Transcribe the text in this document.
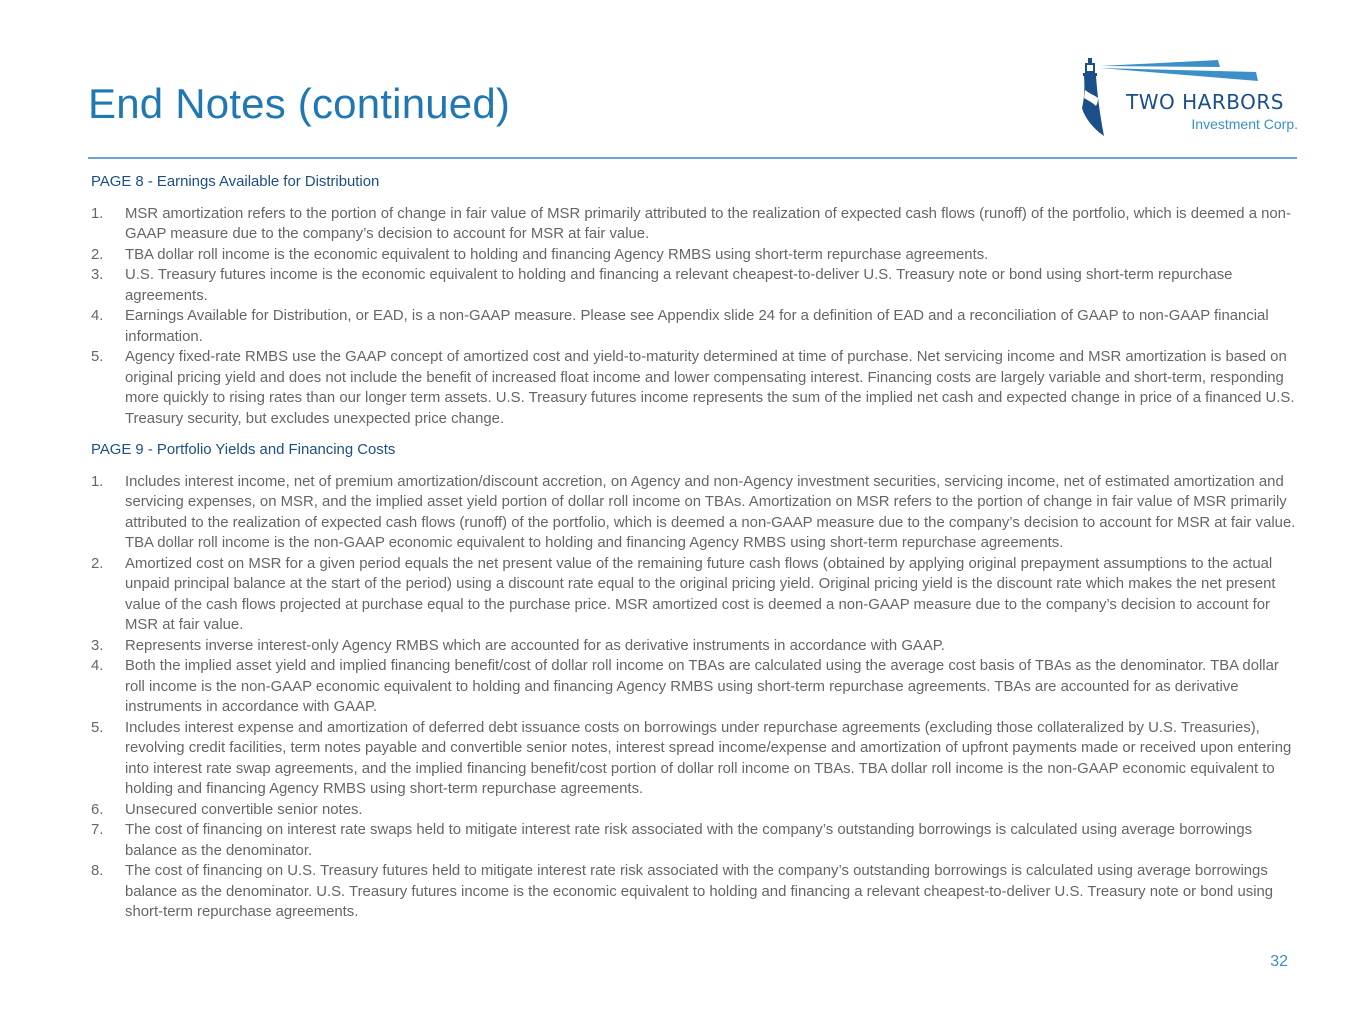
End Notes (continued)	TWO HARBORS
Investment Corp.
PAGE 8 - Earnings Available for Distribution
1. MSR amortization refers to the portion of change in fair value of MSR primarily attributed to the realization of expected cash flows (runoff) of the portfolio, which is deemed a non-GAAP measure due to the company’s decision to account for MSR at fair value.
2. TBA dollar roll income is the economic equivalent to holding and financing Agency RMBS using short-term repurchase agreements.
3. U.S. Treasury futures income is the economic equivalent to holding and financing a relevant cheapest-to-deliver U.S. Treasury note or bond using short-term repurchase agreements.
4. Earnings Available for Distribution, or EAD, is a non-GAAP measure. Please see Appendix slide 24 for a definition of EAD and a reconciliation of GAAP to non-GAAP financial information.
5. Agency fixed-rate RMBS use the GAAP concept of amortized cost and yield-to-maturity determined at time of purchase. Net servicing income and MSR amortization is based on original pricing yield and does not include the benefit of increased float income and lower compensating interest. Financing costs are largely variable and short-term, responding more quickly to rising rates than our longer term assets. U.S. Treasury futures income represents the sum of the implied net cash and expected change in price of a financed U.S. Treasury security, but excludes unexpected price change.
PAGE 9 - Portfolio Yields and Financing Costs
1. Includes interest income, net of premium amortization/discount accretion, on Agency and non-Agency investment securities, servicing income, net of estimated amortization and servicing expenses, on MSR, and the implied asset yield portion of dollar roll income on TBAs. Amortization on MSR refers to the portion of change in fair value of MSR primarily attributed to the realization of expected cash flows (runoff) of the portfolio, which is deemed a non-GAAP measure due to the company’s decision to account for MSR at fair value. TBA dollar roll income is the non-GAAP economic equivalent to holding and financing Agency RMBS using short-term repurchase agreements.
2. Amortized cost on MSR for a given period equals the net present value of the remaining future cash flows (obtained by applying original prepayment assumptions to the actual unpaid principal balance at the start of the period) using a discount rate equal to the original pricing yield. Original pricing yield is the discount rate which makes the net present value of the cash flows projected at purchase equal to the purchase price. MSR amortized cost is deemed a non-GAAP measure due to the company’s decision to account for MSR at fair value.
3. Represents inverse interest-only Agency RMBS which are accounted for as derivative instruments in accordance with GAAP.
4. Both the implied asset yield and implied financing benefit/cost of dollar roll income on TBAs are calculated using the average cost basis of TBAs as the denominator. TBA dollar roll income is the non-GAAP economic equivalent to holding and financing Agency RMBS using short-term repurchase agreements. TBAs are accounted for as derivative instruments in accordance with GAAP.
5. Includes interest expense and amortization of deferred debt issuance costs on borrowings under repurchase agreements (excluding those collateralized by U.S. Treasuries), revolving credit facilities, term notes payable and convertible senior notes, interest spread income/expense and amortization of upfront payments made or received upon entering into interest rate swap agreements, and the implied financing benefit/cost portion of dollar roll income on TBAs. TBA dollar roll income is the non-GAAP economic equivalent to holding and financing Agency RMBS using short-term repurchase agreements.
6. Unsecured convertible senior notes.
7. The cost of financing on interest rate swaps held to mitigate interest rate risk associated with the company’s outstanding borrowings is calculated using average borrowings balance as the denominator.
8. The cost of financing on U.S. Treasury futures held to mitigate interest rate risk associated with the company’s outstanding borrowings is calculated using average borrowings balance as the denominator. U.S. Treasury futures income is the economic equivalent to holding and financing a relevant cheapest-to-deliver U.S. Treasury note or bond using short-term repurchase agreements.
32
